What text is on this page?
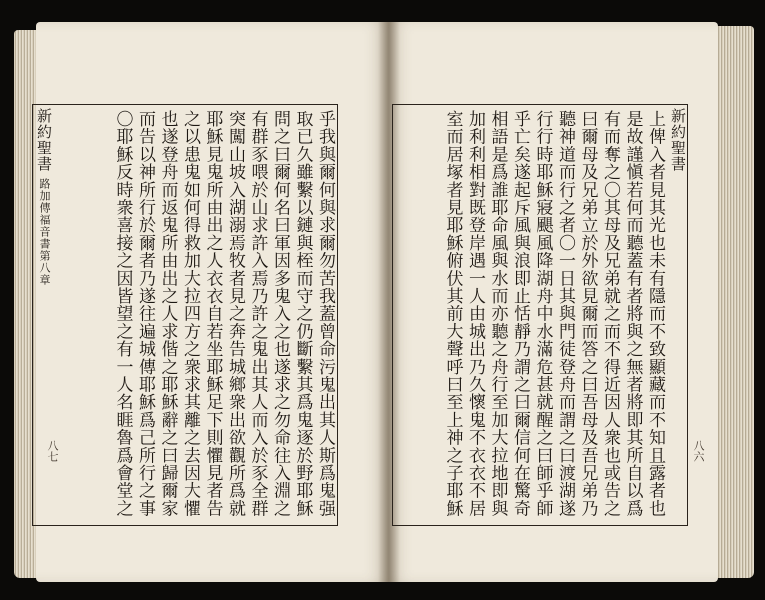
新約聖書 路加傳福音書第八章
新約聖書
乎我與爾何與求爾勿苦我蓋曾命污鬼出其人斯爲鬼强
取已久雖繫以鏈與桎而守之仍斷繫其爲鬼逐於野耶穌
問之曰爾何名曰軍因多鬼入之也遂求之勿命往入淵之
有群豕喂於山求許入焉乃許之鬼出其人而入於豕全群
突闖山坡入湖溺焉牧者見之奔告城鄉衆出欲觀所爲就
耶穌見鬼所由出之人衣衣自若坐耶穌足下則懼見者告
之以患鬼如何得救加大拉四方之衆求其離之去因大懼
也遂登舟而返鬼所由出之人求偕之耶穌辭之曰歸爾家
而告以神所行於爾者乃遂往遍城傳耶穌爲己所行之事
〇耶穌反時衆喜接之因皆望之有一人名睚魯爲會堂之	上俾入者見其光也未有隱而不致顯藏而不知且露者也
是故謹愼若何而聽蓋有者將與之無者將即其所自以爲
有而奪之〇其母及兄弟就之而不得近因人衆也或告之
曰爾母及兄弟立於外欲見爾而答之曰吾母及吾兄弟乃
聽神道而行之者〇一日其與門徒登舟而謂之曰渡湖遂
行行時耶穌寢颶風降湖舟中水滿危甚就醒之曰師乎師
乎亡矣遂起斥風與浪即止恬靜乃謂之曰爾信何在驚奇
相語是爲誰耶命風與水而亦聽之舟行至加大拉地即與
加利利相對既登岸遇一人由城出乃久懷鬼不衣衣不居
室而居塚者見耶穌俯伏其前大聲呼曰至上神之子耶穌
八七	八六
